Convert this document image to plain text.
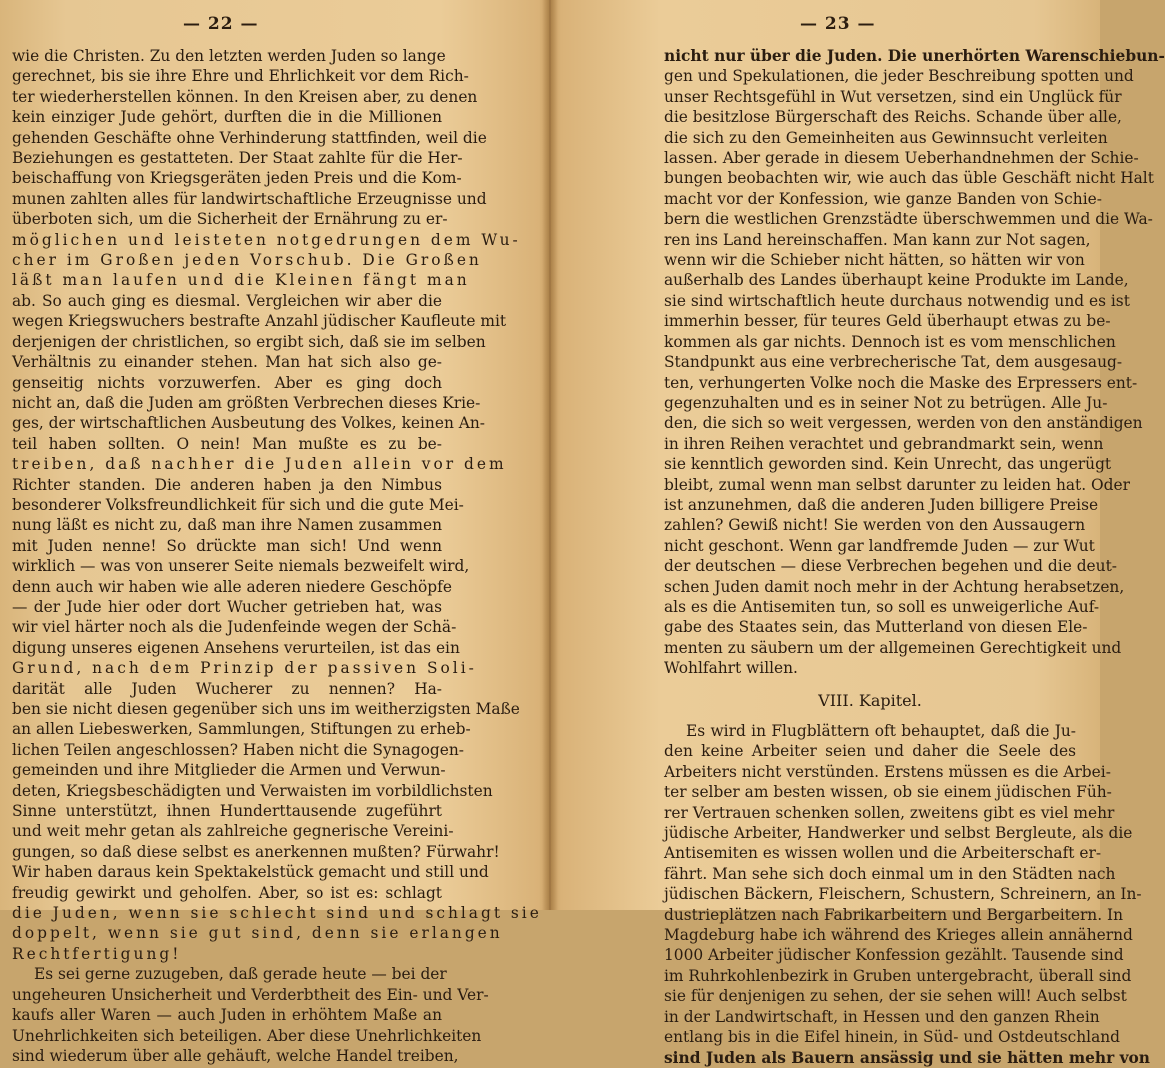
— 22 —
wie die Christen. Zu den letzten werden Juden so lange
gerechnet, bis sie ihre Ehre und Ehrlichkeit vor dem Rich-
ter wiederherstellen können. In den Kreisen aber, zu denen
kein einziger Jude gehört, durften die in die Millionen
gehenden Geschäfte ohne Verhinderung stattfinden, weil die
Beziehungen es gestatteten. Der Staat zahlte für die Her-
beischaffung von Kriegsgeräten jeden Preis und die Kom-
munen zahlten alles für landwirtschaftliche Erzeugnisse und
überboten sich, um die Sicherheit der Ernährung zu er-
möglichen und leisteten notgedrungen dem Wu-
cher im Großen jeden Vorschub. Die Großen
läßt man laufen und die Kleinen fängt man
ab. So auch ging es diesmal. Vergleichen wir aber die
wegen Kriegswuchers bestrafte Anzahl jüdischer Kaufleute mit
derjenigen der christlichen, so ergibt sich, daß sie im selben
Verhältnis zu einander stehen. Man hat sich also ge-
genseitig nichts vorzuwerfen. Aber es ging doch
nicht an, daß die Juden am größten Verbrechen dieses Krie-
ges, der wirtschaftlichen Ausbeutung des Volkes, keinen An-
teil haben sollten. O nein! Man mußte es zu be-
treiben, daß nachher die Juden allein vor dem
Richter standen. Die anderen haben ja den Nimbus
besonderer Volksfreundlichkeit für sich und die gute Mei-
nung läßt es nicht zu, daß man ihre Namen zusammen
mit Juden nenne! So drückte man sich! Und wenn
wirklich — was von unserer Seite niemals bezweifelt wird,
denn auch wir haben wie alle aderen niedere Geschöpfe
— der Jude hier oder dort Wucher getrieben hat, was
wir viel härter noch als die Judenfeinde wegen der Schä-
digung unseres eigenen Ansehens verurteilen, ist das ein
Grund, nach dem Prinzip der passiven Soli-
darität alle Juden Wucherer zu nennen? Ha-
ben sie nicht diesen gegenüber sich uns im weitherzigsten Maße
an allen Liebeswerken, Sammlungen, Stiftungen zu erheb-
lichen Teilen angeschlossen? Haben nicht die Synagogen-
gemeinden und ihre Mitglieder die Armen und Verwun-
deten, Kriegsbeschädigten und Verwaisten im vorbildlichsten
Sinne unterstützt, ihnen Hunderttausende zugeführt
und weit mehr getan als zahlreiche gegnerische Vereini-
gungen, so daß diese selbst es anerkennen mußten? Fürwahr!
Wir haben daraus kein Spektakelstück gemacht und still und
freudig gewirkt und geholfen. Aber, so ist es: schlagt
die Juden, wenn sie schlecht sind und schlagt sie
doppelt, wenn sie gut sind, denn sie erlangen
Rechtfertigung!
Es sei gerne zuzugeben, daß gerade heute — bei der
ungeheuren Unsicherheit und Verderbtheit des Ein- und Ver-
kaufs aller Waren — auch Juden in erhöhtem Maße an
Unehrlichkeiten sich beteiligen. Aber diese Unehrlichkeiten
sind wiederum über alle gehäuft, welche Handel treiben,
— 23 —
nicht nur über die Juden. Die unerhörten Warenschiebun-
gen und Spekulationen, die jeder Beschreibung spotten und
unser Rechtsgefühl in Wut versetzen, sind ein Unglück für
die besitzlose Bürgerschaft des Reichs. Schande über alle,
die sich zu den Gemeinheiten aus Gewinnsucht verleiten
lassen. Aber gerade in diesem Ueberhandnehmen der Schie-
bungen beobachten wir, wie auch das üble Geschäft nicht Halt
macht vor der Konfession, wie ganze Banden von Schie-
bern die westlichen Grenzstädte überschwemmen und die Wa-
ren ins Land hereinschaffen. Man kann zur Not sagen,
wenn wir die Schieber nicht hätten, so hätten wir von
außerhalb des Landes überhaupt keine Produkte im Lande,
sie sind wirtschaftlich heute durchaus notwendig und es ist
immerhin besser, für teures Geld überhaupt etwas zu be-
kommen als gar nichts. Dennoch ist es vom menschlichen
Standpunkt aus eine verbrecherische Tat, dem ausgesaug-
ten, verhungerten Volke noch die Maske des Erpressers ent-
gegenzuhalten und es in seiner Not zu betrügen. Alle Ju-
den, die sich so weit vergessen, werden von den anständigen
in ihren Reihen verachtet und gebrandmarkt sein, wenn
sie kenntlich geworden sind. Kein Unrecht, das ungerügt
bleibt, zumal wenn man selbst darunter zu leiden hat. Oder
ist anzunehmen, daß die anderen Juden billigere Preise
zahlen? Gewiß nicht! Sie werden von den Aussaugern
nicht geschont. Wenn gar landfremde Juden — zur Wut
der deutschen — diese Verbrechen begehen und die deut-
schen Juden damit noch mehr in der Achtung herabsetzen,
als es die Antisemiten tun, so soll es unweigerliche Auf-
gabe des Staates sein, das Mutterland von diesen Ele-
menten zu säubern um der allgemeinen Gerechtigkeit und
Wohlfahrt willen.
VIII. Kapitel.
Es wird in Flugblättern oft behauptet, daß die Ju-
den keine Arbeiter seien und daher die Seele des
Arbeiters nicht verstünden. Erstens müssen es die Arbei-
ter selber am besten wissen, ob sie einem jüdischen Füh-
rer Vertrauen schenken sollen, zweitens gibt es viel mehr
jüdische Arbeiter, Handwerker und selbst Bergleute, als die
Antisemiten es wissen wollen und die Arbeiterschaft er-
fährt. Man sehe sich doch einmal um in den Städten nach
jüdischen Bäckern, Fleischern, Schustern, Schreinern, an In-
dustrieplätzen nach Fabrikarbeitern und Bergarbeitern. In
Magdeburg habe ich während des Krieges allein annähernd
1000 Arbeiter jüdischer Konfession gezählt. Tausende sind
im Ruhrkohlenbezirk in Gruben untergebracht, überall sind
sie für denjenigen zu sehen, der sie sehen will! Auch selbst
in der Landwirtschaft, in Hessen und den ganzen Rhein
entlang bis in die Eifel hinein, in Süd- und Ostdeutschland
sind Juden als Bauern ansässig und sie hätten mehr von
